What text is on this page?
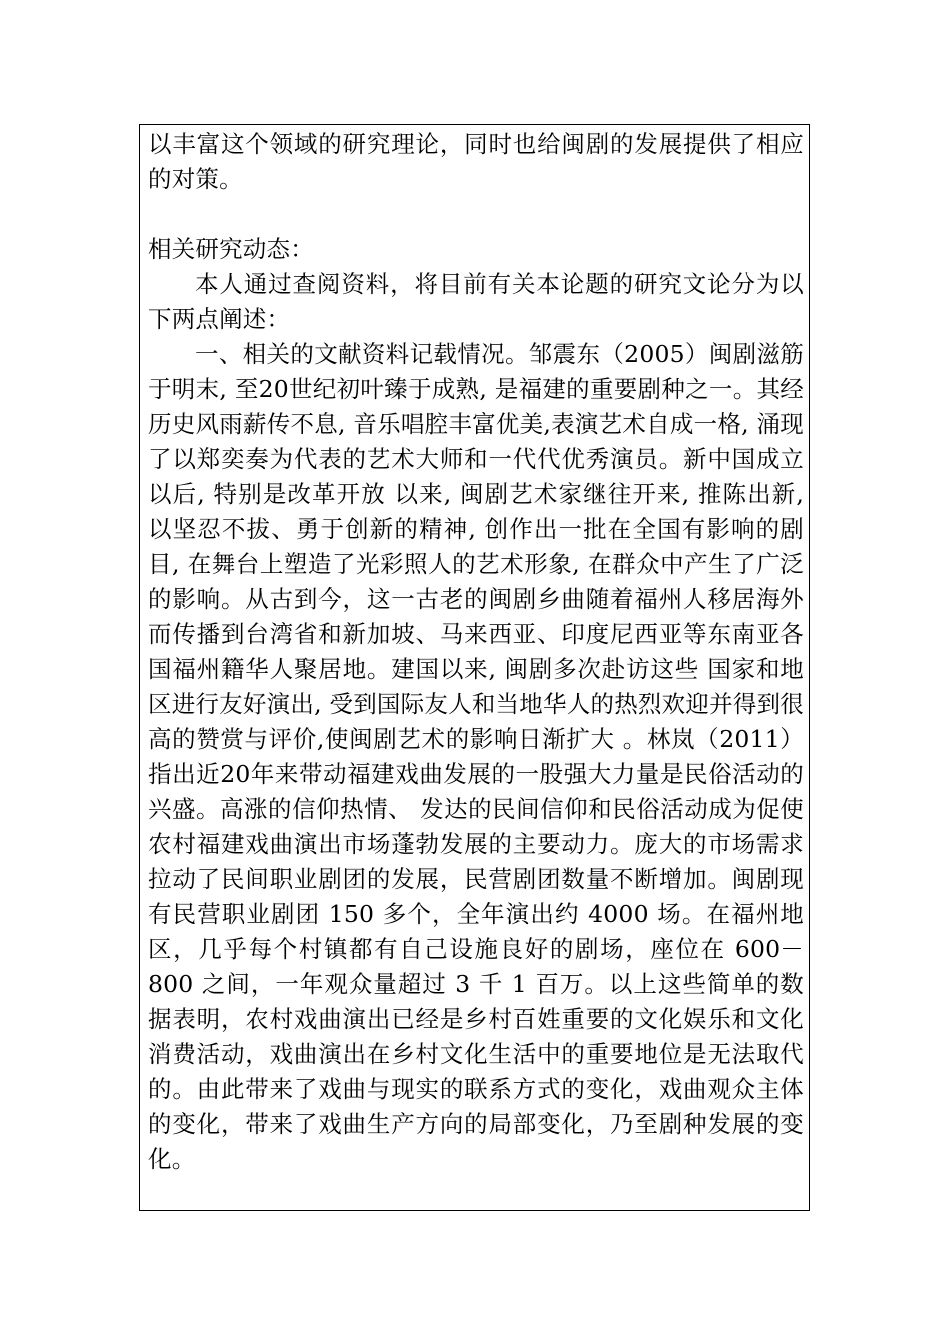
以丰富这个领域的研究理论，同时也给闽剧的发展提供了相应的对策。

相关研究动态：

本人通过查阅资料，将目前有关本论题的研究文论分为以下两点阐述：

一、相关的文献资料记载情况。邹震东（2005）闽剧滋筋于明末, 至20世纪初叶臻于成熟, 是福建的重要剧种之一。其经历史风雨薪传不息, 音乐唱腔丰富优美,表演艺术自成一格, 涌现了以郑奕奏为代表的艺术大师和一代代优秀演员。新中国成立以后, 特别是改革开放 以来, 闽剧艺术家继往开来, 推陈出新, 以坚忍不拔、勇于创新的精神, 创作出一批在全国有影响的剧目, 在舞台上塑造了光彩照人的艺术形象, 在群众中产生了广泛的影响。从古到今，这一古老的闽剧乡曲随着福州人移居海外而传播到台湾省和新加坡、马来西亚、印度尼西亚等东南亚各国福州籍华人聚居地。建国以来, 闽剧多次赴访这些 国家和地区进行友好演出, 受到国际友人和当地华人的热烈欢迎并得到很高的赞赏与评价,使闽剧艺术的影响日渐扩大 。林岚（2011）指出近20年来带动福建戏曲发展的一股强大力量是民俗活动的兴盛。高涨的信仰热情、 发达的民间信仰和民俗活动成为促使农村福建戏曲演出市场蓬勃发展的主要动力。庞大的市场需求拉动了民间职业剧团的发展，民营剧团数量不断增加。闽剧现有民营职业剧团 150 多个，全年演出约 4000 场。在福州地区，几乎每个村镇都有自己设施良好的剧场，座位在 600－800 之间，一年观众量超过 3 千 1 百万。以上这些简单的数据表明，农村戏曲演出已经是乡村百姓重要的文化娱乐和文化消费活动，戏曲演出在乡村文化生活中的重要地位是无法取代的。由此带来了戏曲与现实的联系方式的变化，戏曲观众主体的变化，带来了戏曲生产方向的局部变化，乃至剧种发展的变化。
